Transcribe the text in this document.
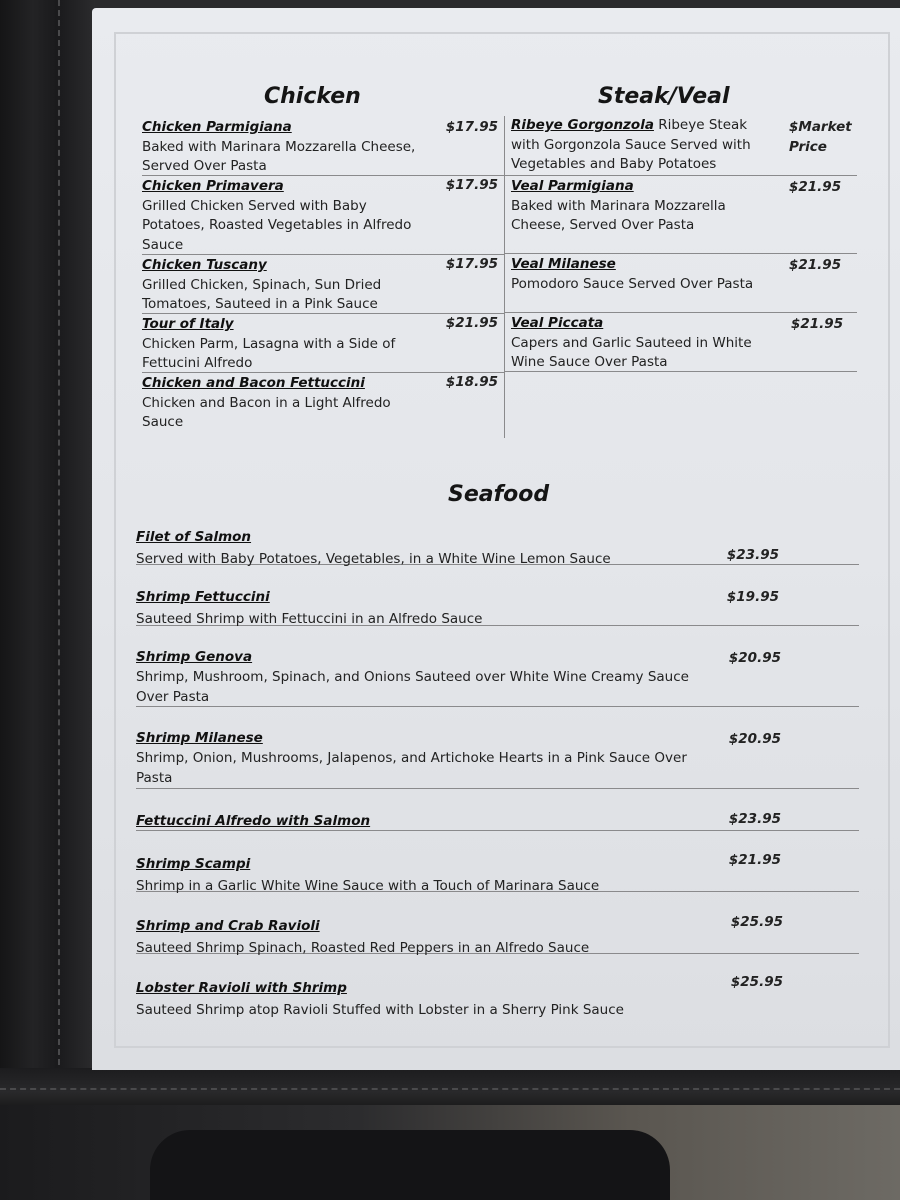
Chicken	Steak/Veal
Chicken Parmigiana
Baked with Marinara Mozzarella Cheese, Served Over Pasta
$17.95
Chicken Primavera
Grilled Chicken Served with Baby Potatoes, Roasted Vegetables in Alfredo Sauce
$17.95
Chicken Tuscany
Grilled Chicken, Spinach, Sun Dried Tomatoes, Sauteed in a Pink Sauce
$17.95
Tour of Italy
Chicken Parm, Lasagna with a Side of Fettucini Alfredo
$21.95
Chicken and Bacon Fettuccini
Chicken and Bacon in a Light Alfredo Sauce
$18.95
Ribeye Gorgonzola Ribeye Steak with Gorgonzola Sauce Served with Vegetables and Baby Potatoes
$Market Price
Veal Parmigiana
Baked with Marinara Mozzarella Cheese, Served Over Pasta
$21.95
Veal Milanese
Pomodoro Sauce Served Over Pasta
$21.95
Veal Piccata
Capers and Garlic Sauteed in White Wine Sauce Over Pasta
$21.95
Seafood
Filet of Salmon
Served with Baby Potatoes, Vegetables, in a White Wine Lemon Sauce	$23.95
Shrimp Fettuccini
Sauteed Shrimp with Fettuccini in an Alfredo Sauce
$19.95
Shrimp Genova
Shrimp, Mushroom, Spinach, and Onions Sauteed over White Wine Creamy Sauce Over Pasta
$20.95
Shrimp Milanese
Shrimp, Onion, Mushrooms, Jalapenos, and Artichoke Hearts in a Pink Sauce Over Pasta
$20.95
Fettuccini Alfredo with Salmon	$23.95
Shrimp Scampi
Shrimp in a Garlic White Wine Sauce with a Touch of Marinara Sauce
$21.95
Shrimp and Crab Ravioli
Sauteed Shrimp Spinach, Roasted Red Peppers in an Alfredo Sauce
$25.95
Lobster Ravioli with Shrimp
Sauteed Shrimp atop Ravioli Stuffed with Lobster in a Sherry Pink Sauce
$25.95
